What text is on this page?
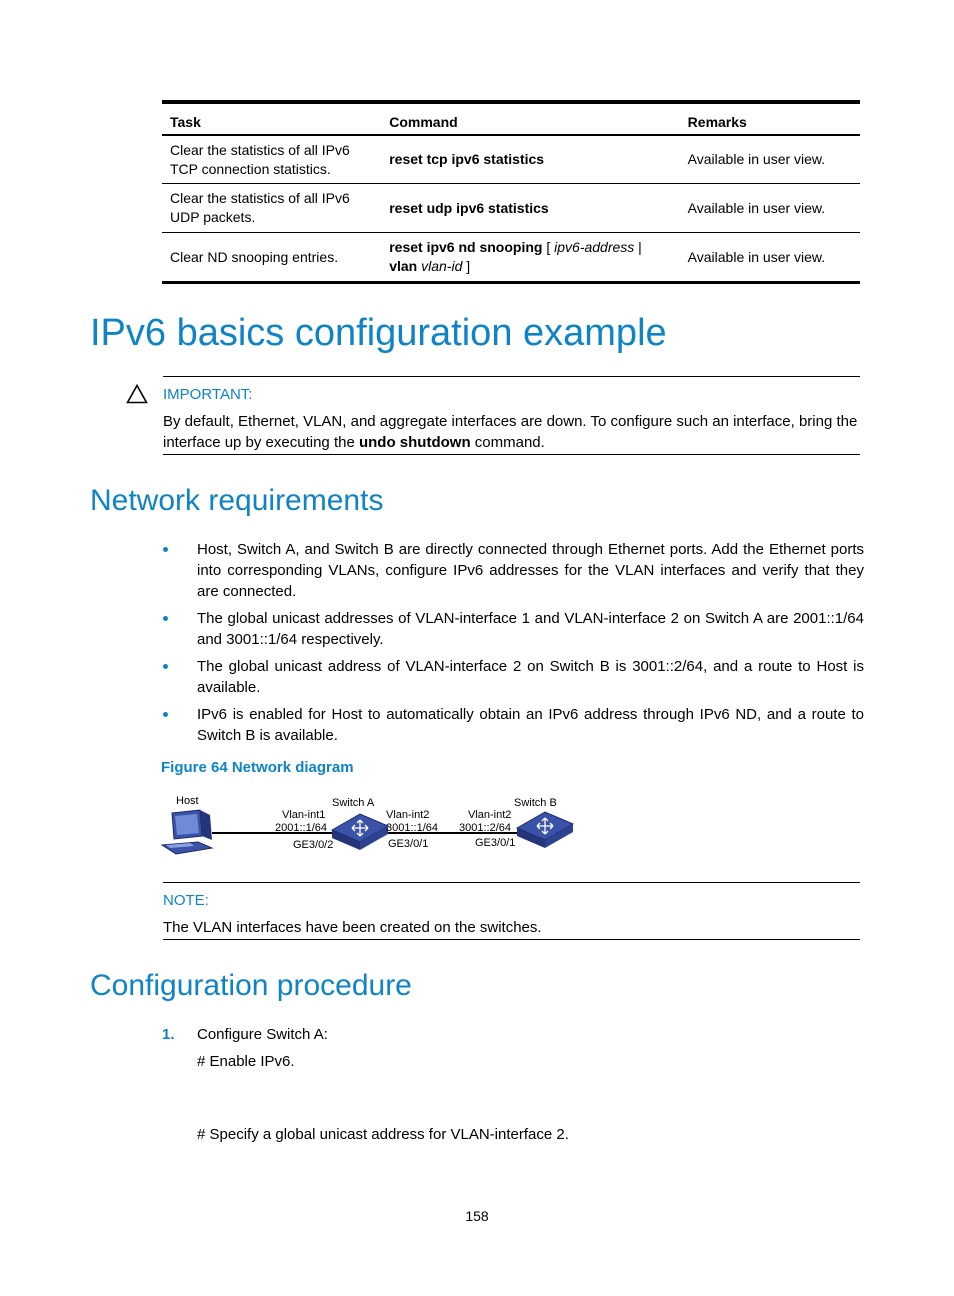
Task	Command	Remarks
Clear the statistics of all IPv6 TCP connection statistics.	reset tcp ipv6 statistics	Available in user view.
Clear the statistics of all IPv6 UDP packets.	reset udp ipv6 statistics	Available in user view.
Clear ND snooping entries.	reset ipv6 nd snooping [ ipv6-address | vlan vlan-id ]	Available in user view.
IPv6 basics configuration example
IMPORTANT:

By default, Ethernet, VLAN, and aggregate interfaces are down. To configure such an interface, bring the interface up by executing the undo shutdown command.

Network requirements
Host, Switch A, and Switch B are directly connected through Ethernet ports. Add the Ethernet ports into corresponding VLANs, configure IPv6 addresses for the VLAN interfaces and verify that they are connected.
The global unicast addresses of VLAN-interface 1 and VLAN-interface 2 on Switch A are 2001::1/64 and 3001::1/64 respectively.
The global unicast address of VLAN-interface 2 on Switch B is 3001::2/64, and a route to Host is available.
IPv6 is enabled for Host to automatically obtain an IPv6 address through IPv6 ND, and a route to Switch B is available.
Figure 64 Network diagram
Host	Switch A	Switch B
Vlan-int1
2001::1/64
GE3/0/2
Vlan-int2
3001::1/64
GE3/0/1
Vlan-int2
3001::2/64
GE3/0/1
NOTE:

The VLAN interfaces have been created on the switches.

Configuration procedure
1. Configure Switch A:
# Enable IPv6.
# Specify a global unicast address for VLAN-interface 2.
158
